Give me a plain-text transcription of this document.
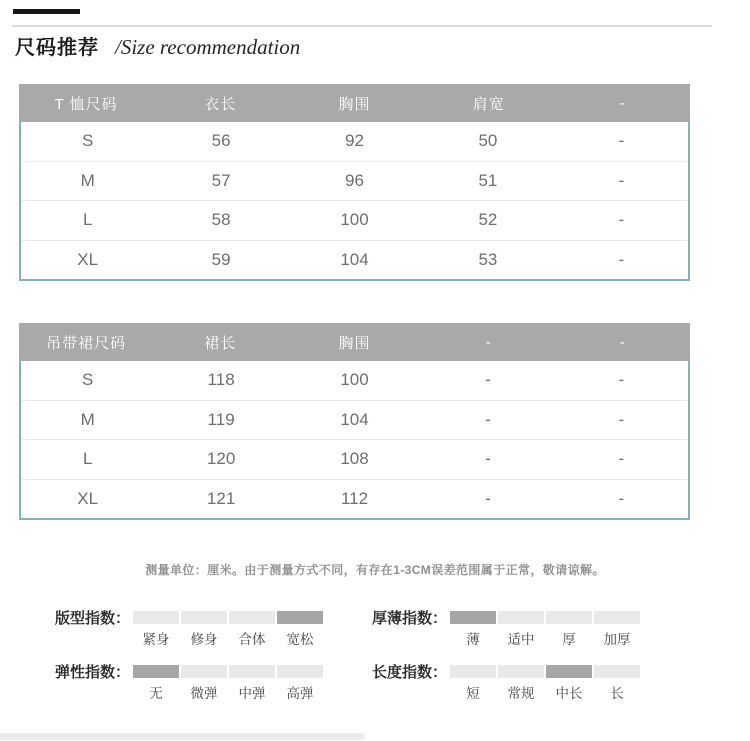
尺码推荐 /Size recommendation
T 恤尺码	衣长	胸围	肩宽	-
S	56	92	50	-
M	57	96	51	-
L	58	100	52	-
XL	59	104	53	-
吊带裙尺码	裙长	胸围	-	-
S	118	100	-	-
M	119	104	-	-
L	120	108	-	-
XL	121	112	-	-
测量单位：厘米。由于测量方式不同，有存在1-3CM误差范围属于正常，敬请谅解。
版型指数：
紧身	修身	合体	宽松
厚薄指数：
薄	适中	厚	加厚
弹性指数：
无	微弹	中弹	高弹
长度指数：
短	常规	中长	长
